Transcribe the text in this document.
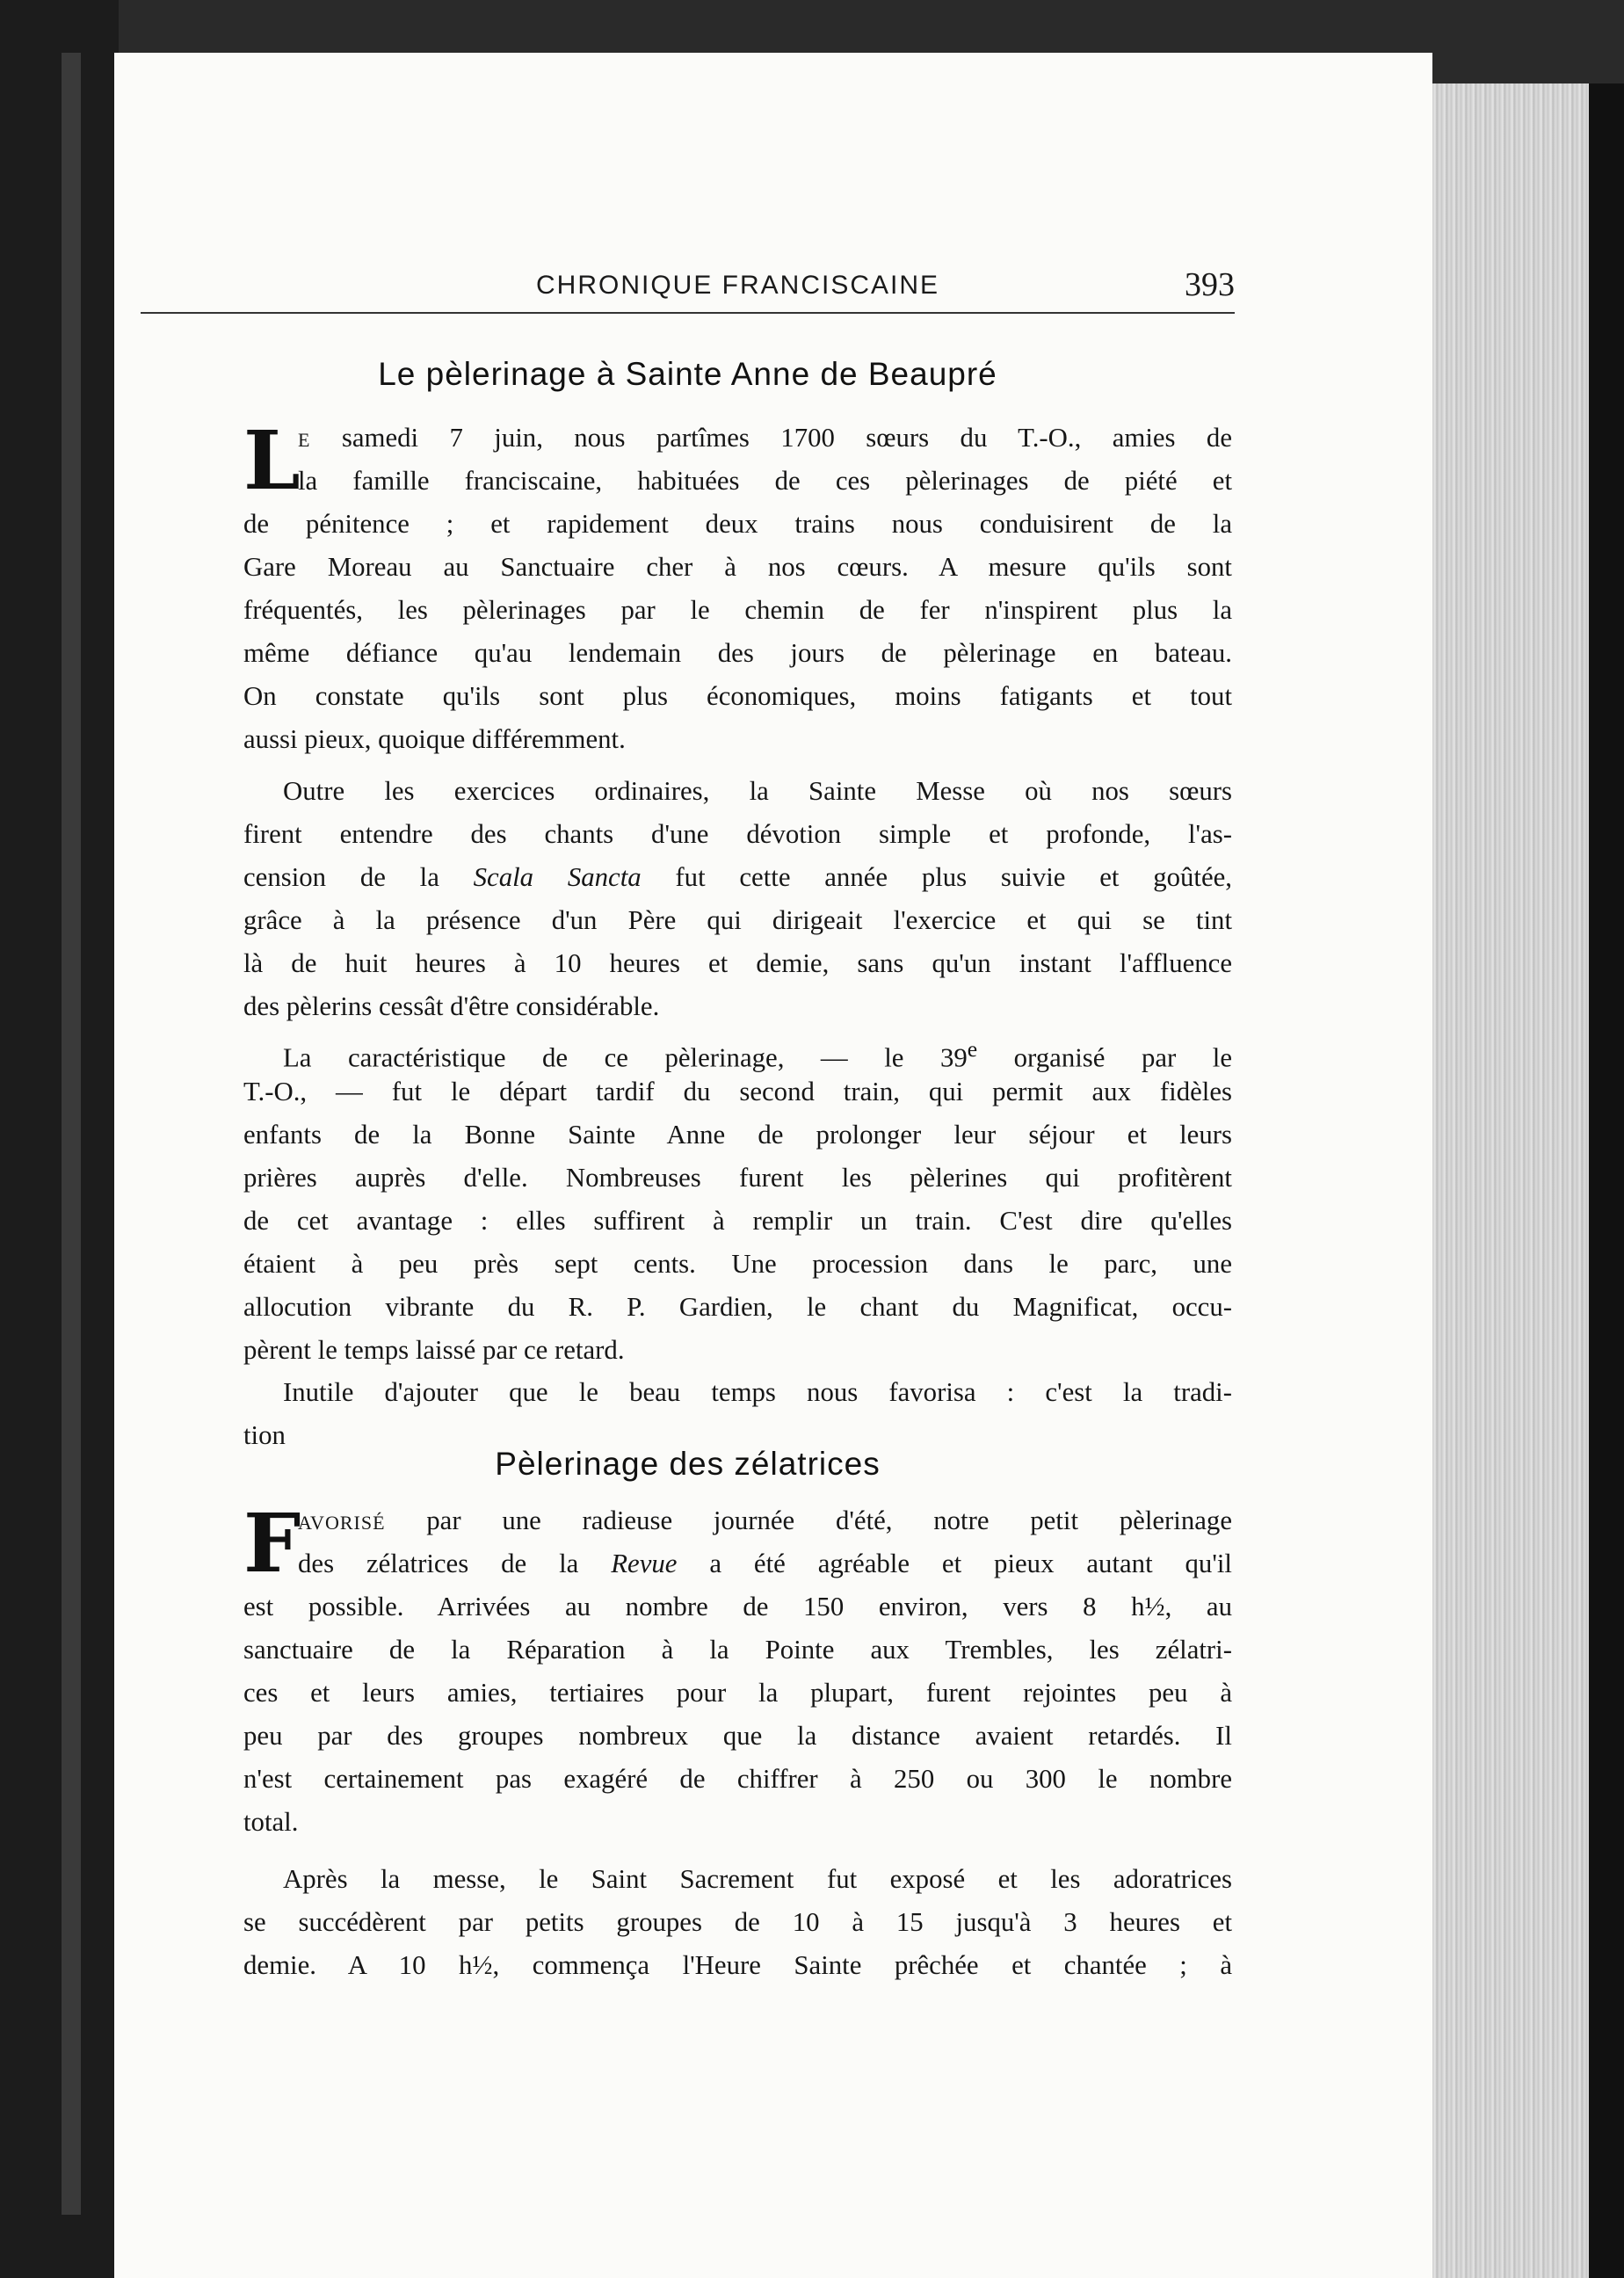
CHRONIQUE FRANCISCAINE	393
Le pèlerinage à Sainte Anne de Beaupré
L
E samedi 7 juin, nous partîmes 1700 sœurs du T.-O., amies de
la famille franciscaine, habituées de ces pèlerinages de piété et
de pénitence ; et rapidement deux trains nous conduisirent de la
Gare Moreau au Sanctuaire cher à nos cœurs. A mesure qu'ils sont
fréquentés, les pèlerinages par le chemin de fer n'inspirent plus la
même défiance qu'au lendemain des jours de pèlerinage en bateau.
On constate qu'ils sont plus économiques, moins fatigants et tout
aussi pieux, quoique différemment.
Outre les exercices ordinaires, la Sainte Messe où nos sœurs
firent entendre des chants d'une dévotion simple et profonde, l'as-
cension de la Scala Sancta fut cette année plus suivie et goûtée,
grâce à la présence d'un Père qui dirigeait l'exercice et qui se tint
là de huit heures à 10 heures et demie, sans qu'un instant l'affluence
des pèlerins cessât d'être considérable.
La caractéristique de ce pèlerinage, — le 39e organisé par le
T.-O., — fut le départ tardif du second train, qui permit aux fidèles
enfants de la Bonne Sainte Anne de prolonger leur séjour et leurs
prières auprès d'elle. Nombreuses furent les pèlerines qui profitèrent
de cet avantage : elles suffirent à remplir un train. C'est dire qu'elles
étaient à peu près sept cents. Une procession dans le parc, une
allocution vibrante du R. P. Gardien, le chant du Magnificat, occu-
pèrent le temps laissé par ce retard.
Inutile d'ajouter que le beau temps nous favorisa : c'est la tradi-
tion
Pèlerinage des zélatrices
F
AVORISÉ par une radieuse journée d'été, notre petit pèlerinage
des zélatrices de la Revue a été agréable et pieux autant qu'il
est possible. Arrivées au nombre de 150 environ, vers 8 h½, au
sanctuaire de la Réparation à la Pointe aux Trembles, les zélatri-
ces et leurs amies, tertiaires pour la plupart, furent rejointes peu à
peu par des groupes nombreux que la distance avaient retardés. Il
n'est certainement pas exagéré de chiffrer à 250 ou 300 le nombre
total.
Après la messe, le Saint Sacrement fut exposé et les adoratrices
se succédèrent par petits groupes de 10 à 15 jusqu'à 3 heures et
demie. A 10 h½, commença l'Heure Sainte prêchée et chantée ; à
